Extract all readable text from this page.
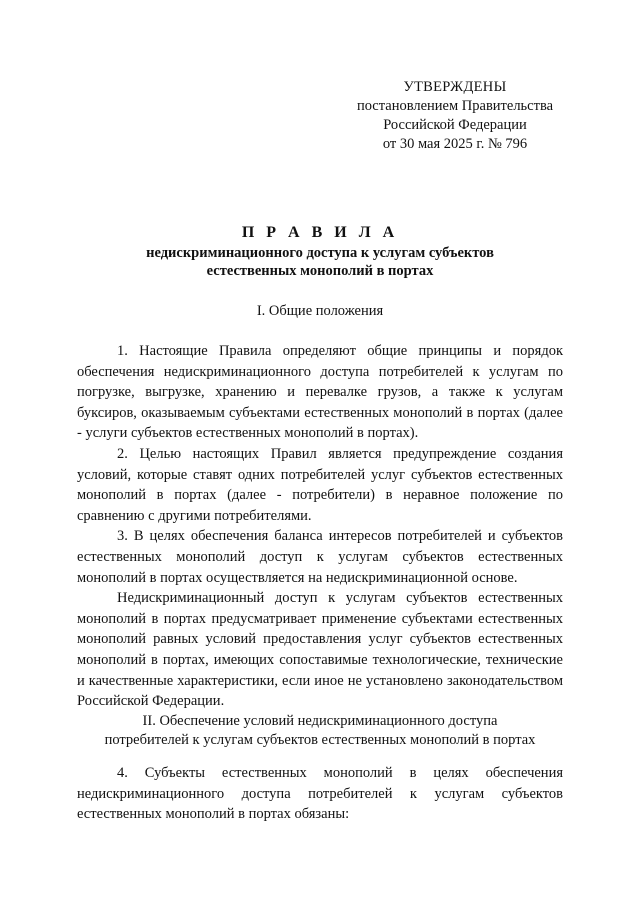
УТВЕРЖДЕНЫ
постановлением Правительства
Российской Федерации
от 30 мая 2025 г. № 796
П Р А В И Л А
недискриминационного доступа к услугам субъектов
естественных монополий в портах
I. Общие положения
1. Настоящие Правила определяют общие принципы и порядок обеспечения недискриминационного доступа потребителей к услугам по погрузке, выгрузке, хранению и перевалке грузов, а также к услугам буксиров, оказываемым субъектами естественных монополий в портах (далее - услуги субъектов естественных монополий в портах).
2. Целью настоящих Правил является предупреждение создания условий, которые ставят одних потребителей услуг субъектов естественных монополий в портах (далее - потребители) в неравное положение по сравнению с другими потребителями.
3. В целях обеспечения баланса интересов потребителей и субъектов естественных монополий доступ к услугам субъектов естественных монополий в портах осуществляется на недискриминационной основе.
Недискриминационный доступ к услугам субъектов естественных монополий в портах предусматривает применение субъектами естественных монополий равных условий предоставления услуг субъектов естественных монополий в портах, имеющих сопоставимые технологические, технические и качественные характеристики, если иное не установлено законодательством Российской Федерации.
II. Обеспечение условий недискриминационного доступа
потребителей к услугам субъектов естественных монополий в портах
4. Субъекты естественных монополий в целях обеспечения недискриминационного доступа потребителей к услугам субъектов естественных монополий в портах обязаны:
